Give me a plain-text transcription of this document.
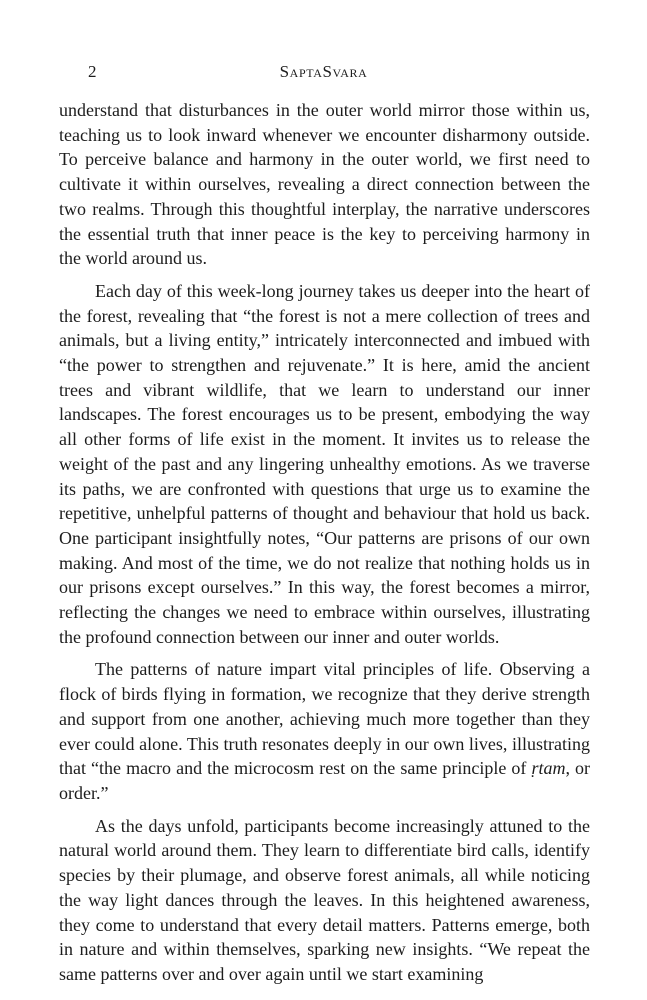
2	SaptaSvara

understand that disturbances in the outer world mirror those within us, teaching us to look inward whenever we encounter disharmony outside. To perceive balance and harmony in the outer world, we first need to cultivate it within ourselves, revealing a direct connection between the two realms. Through this thoughtful interplay, the narrative underscores the essential truth that inner peace is the key to perceiving harmony in the world around us.

Each day of this week-long journey takes us deeper into the heart of the forest, revealing that “the forest is not a mere collection of trees and animals, but a living entity,” intricately interconnected and imbued with “the power to strengthen and rejuvenate.” It is here, amid the ancient trees and vibrant wildlife, that we learn to understand our inner landscapes. The forest encourages us to be present, embodying the way all other forms of life exist in the moment. It invites us to release the weight of the past and any lingering unhealthy emotions. As we traverse its paths, we are confronted with questions that urge us to examine the repetitive, unhelpful patterns of thought and behaviour that hold us back. One participant insightfully notes, “Our patterns are prisons of our own making. And most of the time, we do not realize that nothing holds us in our prisons except ourselves.” In this way, the forest becomes a mirror, reflecting the changes we need to embrace within ourselves, illustrating the profound connection between our inner and outer worlds.

The patterns of nature impart vital principles of life. Observing a flock of birds flying in formation, we recognize that they derive strength and support from one another, achieving much more together than they ever could alone. This truth resonates deeply in our own lives, illustrating that “the macro and the microcosm rest on the same principle of ṛtam, or order.”

As the days unfold, participants become increasingly attuned to the natural world around them. They learn to differentiate bird calls, identify species by their plumage, and observe forest animals, all while noticing the way light dances through the leaves. In this heightened awareness, they come to understand that every detail matters. Patterns emerge, both in nature and within themselves, sparking new insights. “We repeat the same patterns over and over again until we start examining
